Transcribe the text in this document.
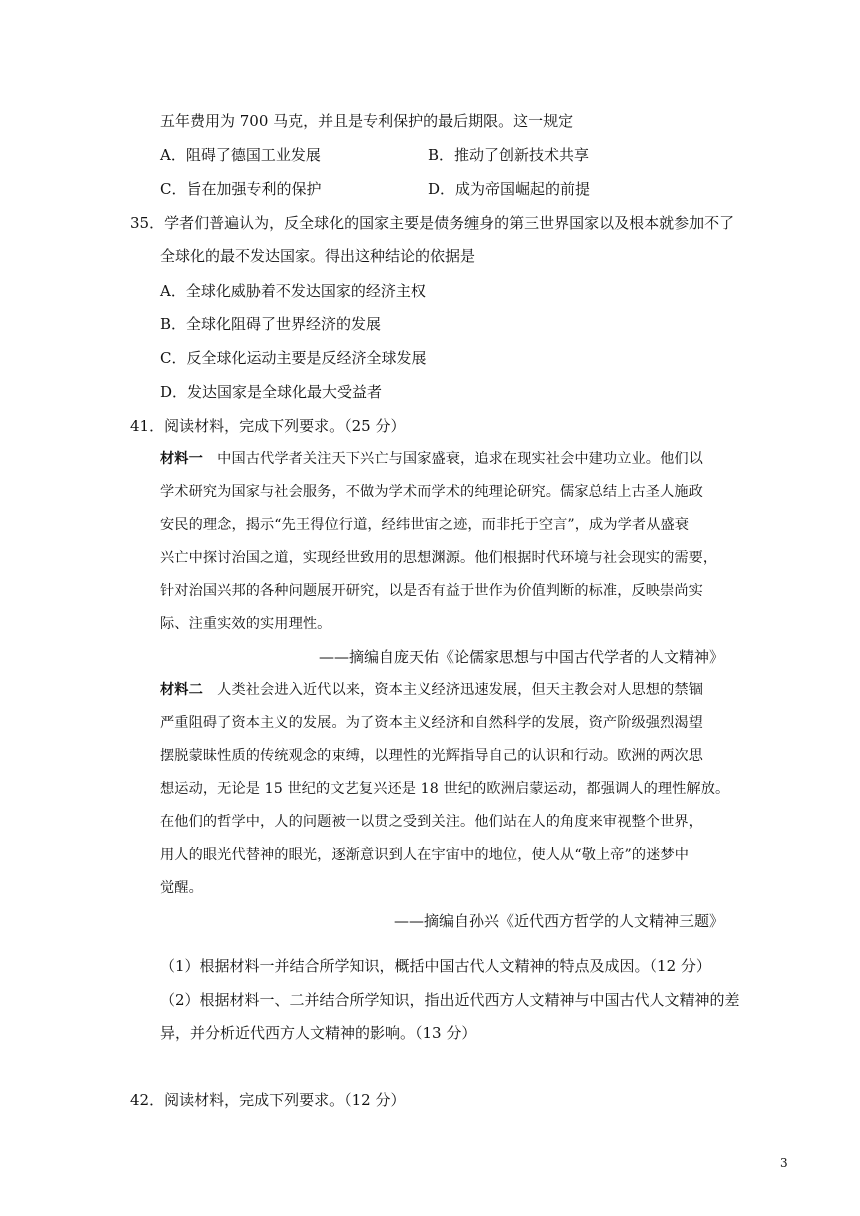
五年费用为 700 马克，并且是专利保护的最后期限。这一规定
A．阻碍了德国工业发展	B．推动了创新技术共享
C．旨在加强专利的保护	D．成为帝国崛起的前提
35．学者们普遍认为，反全球化的国家主要是债务缠身的第三世界国家以及根本就参加不了
全球化的最不发达国家。得出这种结论的依据是
A．全球化威胁着不发达国家的经济主权
B．全球化阻碍了世界经济的发展
C．反全球化运动主要是反经济全球发展
D．发达国家是全球化最大受益者
41．阅读材料，完成下列要求。（25 分）
材料一　 中国古代学者关注天下兴亡与国家盛衰，追求在现实社会中建功立业。他们以
学术研究为国家与社会服务，不做为学术而学术的纯理论研究。儒家总结上古圣人施政
安民的理念，揭示“先王得位行道，经纬世宙之迹，而非托于空言”，成为学者从盛衰
兴亡中探讨治国之道，实现经世致用的思想渊源。他们根据时代环境与社会现实的需要，
针对治国兴邦的各种问题展开研究，以是否有益于世作为价值判断的标准，反映崇尚实
际、注重实效的实用理性。
——摘编自庞天佑《论儒家思想与中国古代学者的人文精神》
材料二　 人类社会进入近代以来，资本主义经济迅速发展，但天主教会对人思想的禁锢
严重阻碍了资本主义的发展。为了资本主义经济和自然科学的发展，资产阶级强烈渴望
摆脱蒙昧性质的传统观念的束缚，以理性的光辉指导自己的认识和行动。欧洲的两次思
想运动，无论是 15 世纪的文艺复兴还是 18 世纪的欧洲启蒙运动，都强调人的理性解放。
在他们的哲学中，人的问题被一以贯之受到关注。他们站在人的角度来审视整个世界，
用人的眼光代替神的眼光，逐渐意识到人在宇宙中的地位，使人从“敬上帝”的迷梦中
觉醒。
——摘编自孙兴《近代西方哲学的人文精神三题》
（1）根据材料一并结合所学知识，概括中国古代人文精神的特点及成因。（12 分）
（2）根据材料一、二并结合所学知识，指出近代西方人文精神与中国古代人文精神的差
异，并分析近代西方人文精神的影响。（13 分）
42．阅读材料，完成下列要求。（12 分）
3
